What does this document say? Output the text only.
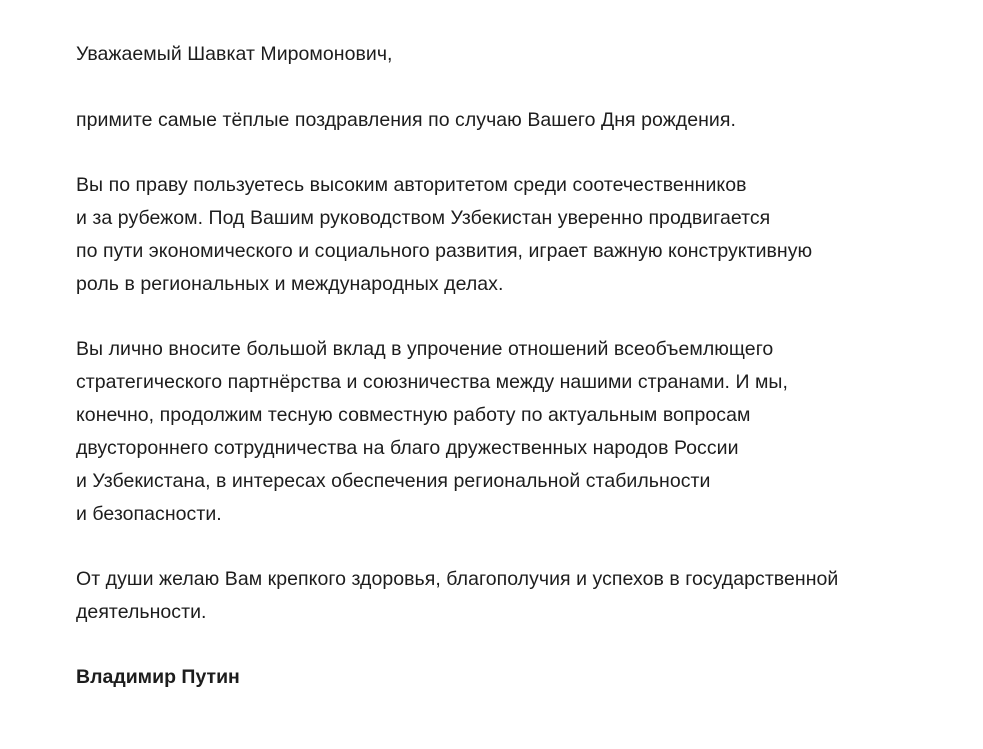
Уважаемый Шавкат Миромонович,
примите самые тёплые поздравления по случаю Вашего Дня рождения.
Вы по праву пользуетесь высоким авторитетом среди соотечественников
и за рубежом. Под Вашим руководством Узбекистан уверенно продвигается
по пути экономического и социального развития, играет важную конструктивную
роль в региональных и международных делах.
Вы лично вносите большой вклад в упрочение отношений всеобъемлющего
стратегического партнёрства и союзничества между нашими странами. И мы,
конечно, продолжим тесную совместную работу по актуальным вопросам
двустороннего сотрудничества на благо дружественных народов России
и Узбекистана, в интересах обеспечения региональной стабильности
и безопасности.
От души желаю Вам крепкого здоровья, благополучия и успехов в государственной
деятельности.
Владимир Путин
